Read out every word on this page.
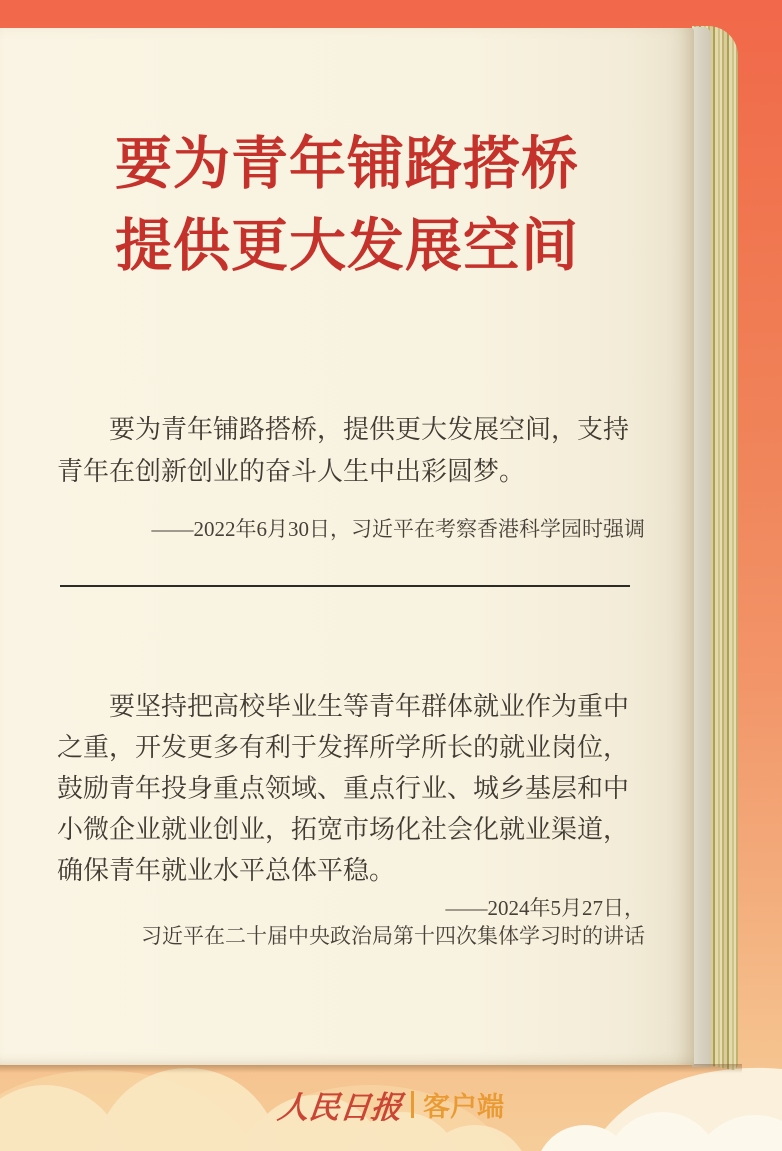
要为青年铺路搭桥
提供更大发展空间
要为青年铺路搭桥，提供更大发展空间，支持
青年在创新创业的奋斗人生中出彩圆梦。
——2022年6月30日，习近平在考察香港科学园时强调
要坚持把高校毕业生等青年群体就业作为重中
之重，开发更多有利于发挥所学所长的就业岗位，
鼓励青年投身重点领域、重点行业、城乡基层和中
小微企业就业创业，拓宽市场化社会化就业渠道，
确保青年就业水平总体平稳。
——2024年5月27日，
习近平在二十届中央政治局第十四次集体学习时的讲话
人民日报 客户端
